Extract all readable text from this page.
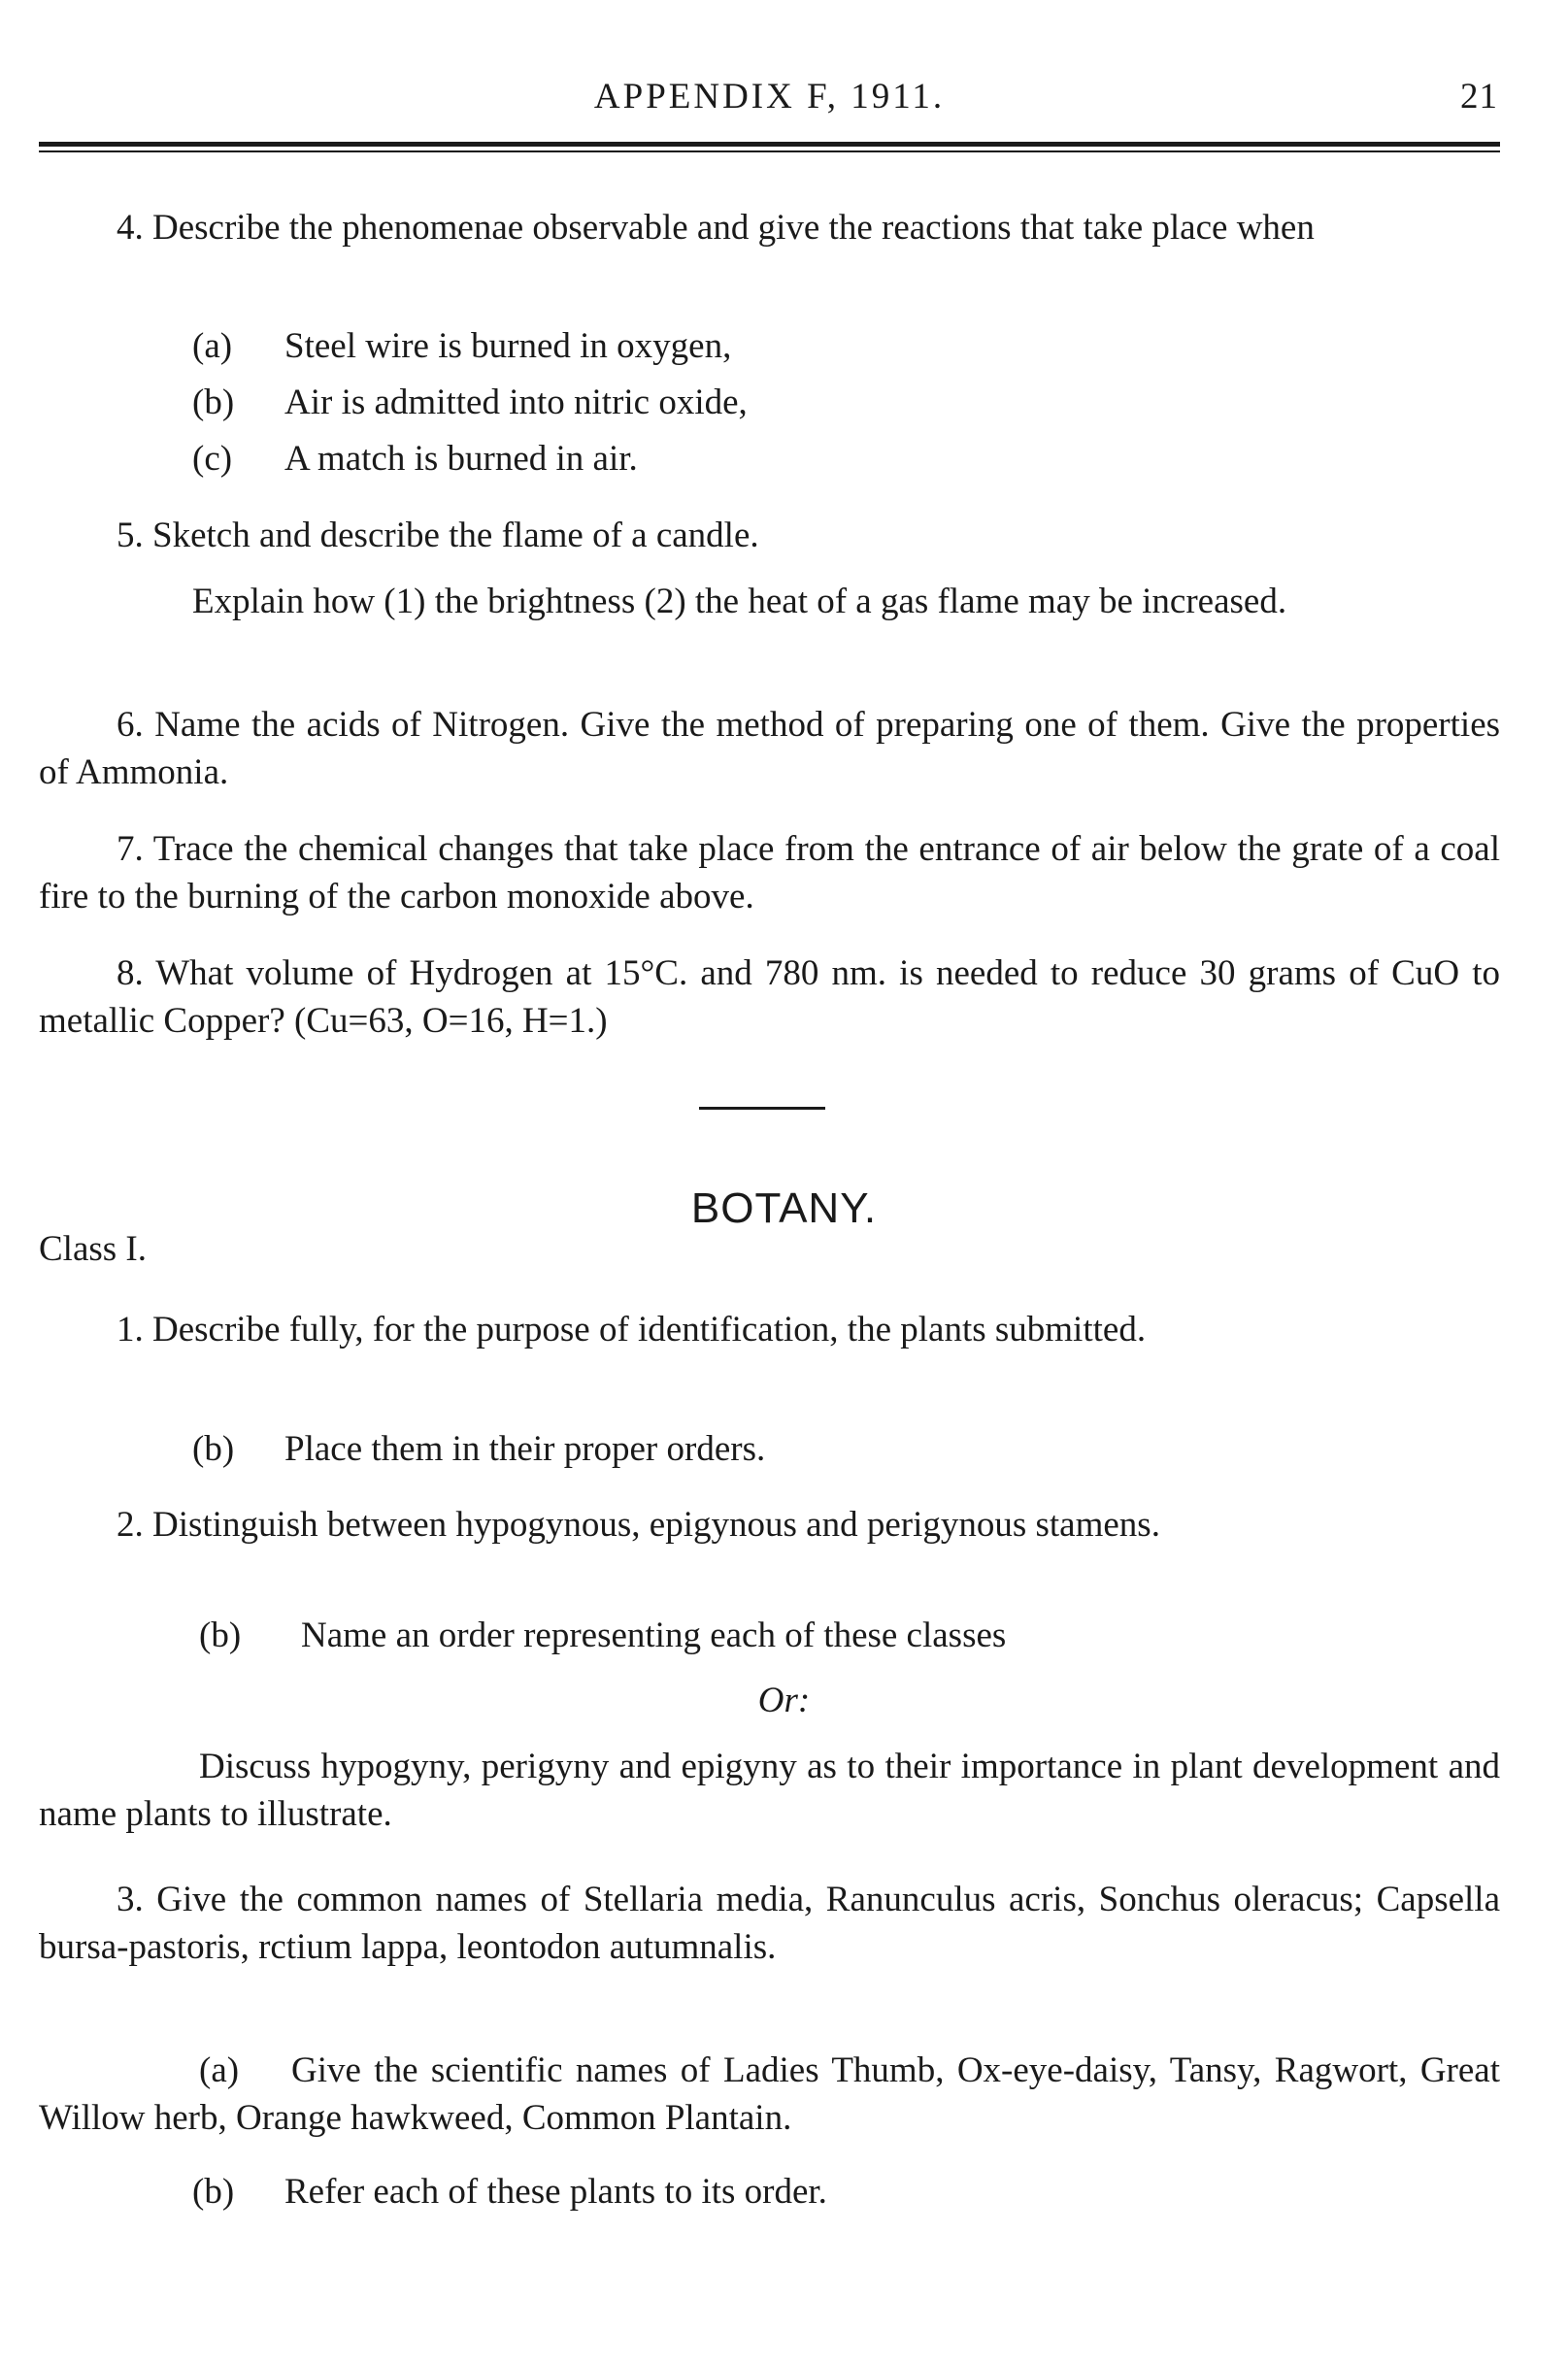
APPENDIX F, 1911.	21
4. Describe the phenomenae observable and give the reactions that take place when
(a) Steel wire is burned in oxygen,
(b) Air is admitted into nitric oxide,
(c) A match is burned in air.
5. Sketch and describe the flame of a candle.
Explain how (1) the brightness (2) the heat of a gas flame may be increased.
6. Name the acids of Nitrogen. Give the method of preparing one of them. Give the properties of Ammonia.
7. Trace the chemical changes that take place from the entrance of air below the grate of a coal fire to the burning of the carbon monoxide above.
8. What volume of Hydrogen at 15°C. and 780 nm. is needed to reduce 30 grams of CuO to metallic Copper? (Cu=63, O=16, H=1.)
BOTANY.
Class I.
1. Describe fully, for the purpose of identification, the plants submitted.
(b) Place them in their proper orders.
2. Distinguish between hypogynous, epigynous and perigynous stamens.
(b) Name an order representing each of these classes
Or:
Discuss hypogyny, perigyny and epigyny as to their importance in plant development and name plants to illustrate.
3. Give the common names of Stellaria media, Ranunculus acris, Sonchus oleracus; Capsella bursa-pastoris, rctium lappa, leontodon autumnalis.
(a) Give the scientific names of Ladies Thumb, Ox-eye-daisy, Tansy, Ragwort, Great Willow herb, Orange hawkweed, Common Plantain.
(b) Refer each of these plants to its order.
